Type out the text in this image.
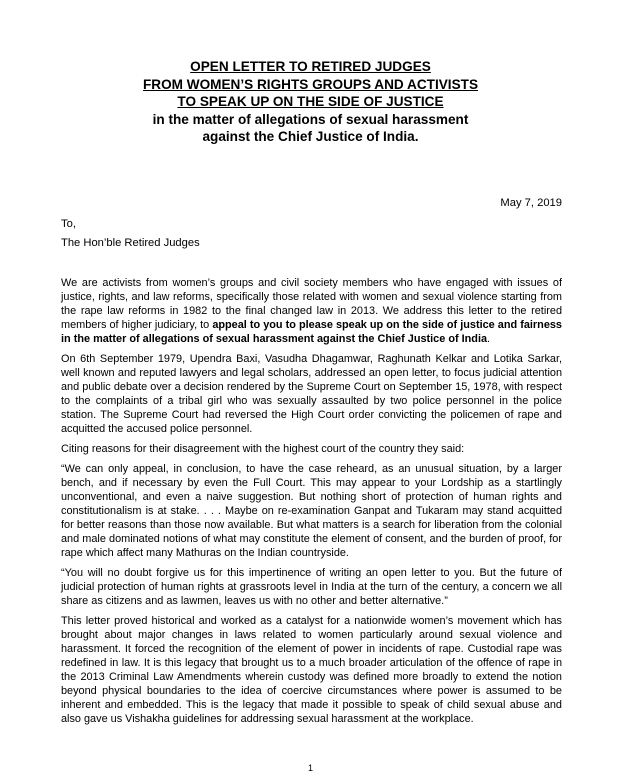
OPEN LETTER TO RETIRED JUDGES
FROM WOMEN’S RIGHTS GROUPS AND ACTIVISTS
TO SPEAK UP ON THE SIDE OF JUSTICE
in the matter of allegations of sexual harassment
against the Chief Justice of India.
May 7, 2019
To,
The Hon’ble Retired Judges

We are activists from women’s groups and civil society members who have engaged with issues of justice, rights, and law reforms, specifically those related with women and sexual violence starting from the rape law reforms in 1982 to the final changed law in 2013. We address this letter to the retired members of higher judiciary, to appeal to you to please speak up on the side of justice and fairness in the matter of allegations of sexual harassment against the Chief Justice of India.

On 6th September 1979, Upendra Baxi, Vasudha Dhagamwar, Raghunath Kelkar and Lotika Sarkar, well known and reputed lawyers and legal scholars, addressed an open letter, to focus judicial attention and public debate over a decision rendered by the Supreme Court on September 15, 1978, with respect to the complaints of a tribal girl who was sexually assaulted by two police personnel in the police station. The Supreme Court had reversed the High Court order convicting the policemen of rape and acquitted the accused police personnel.

Citing reasons for their disagreement with the highest court of the country they said:

“We can only appeal, in conclusion, to have the case reheard, as an unusual situation, by a larger bench, and if necessary by even the Full Court. This may appear to your Lordship as a startlingly unconventional, and even a naive suggestion. But nothing short of protection of human rights and constitutionalism is at stake. . . . Maybe on re-examination Ganpat and Tukaram may stand acquitted for better reasons than those now available. But what matters is a search for liberation from the colonial and male dominated notions of what may constitute the element of consent, and the burden of proof, for rape which affect many Mathuras on the Indian countryside.

“You will no doubt forgive us for this impertinence of writing an open letter to you. But the future of judicial protection of human rights at grassroots level in India at the turn of the century, a concern we all share as citizens and as lawmen, leaves us with no other and better alternative.”

This letter proved historical and worked as a catalyst for a nationwide women’s movement which has brought about major changes in laws related to women particularly around sexual violence and harassment. It forced the recognition of the element of power in incidents of rape. Custodial rape was redefined in law. It is this legacy that brought us to a much broader articulation of the offence of rape in the 2013 Criminal Law Amendments wherein custody was defined more broadly to extend the notion beyond physical boundaries to the idea of coercive circumstances where power is assumed to be inherent and embedded. This is the legacy that made it possible to speak of child sexual abuse and also gave us Vishakha guidelines for addressing sexual harassment at the workplace.

1
